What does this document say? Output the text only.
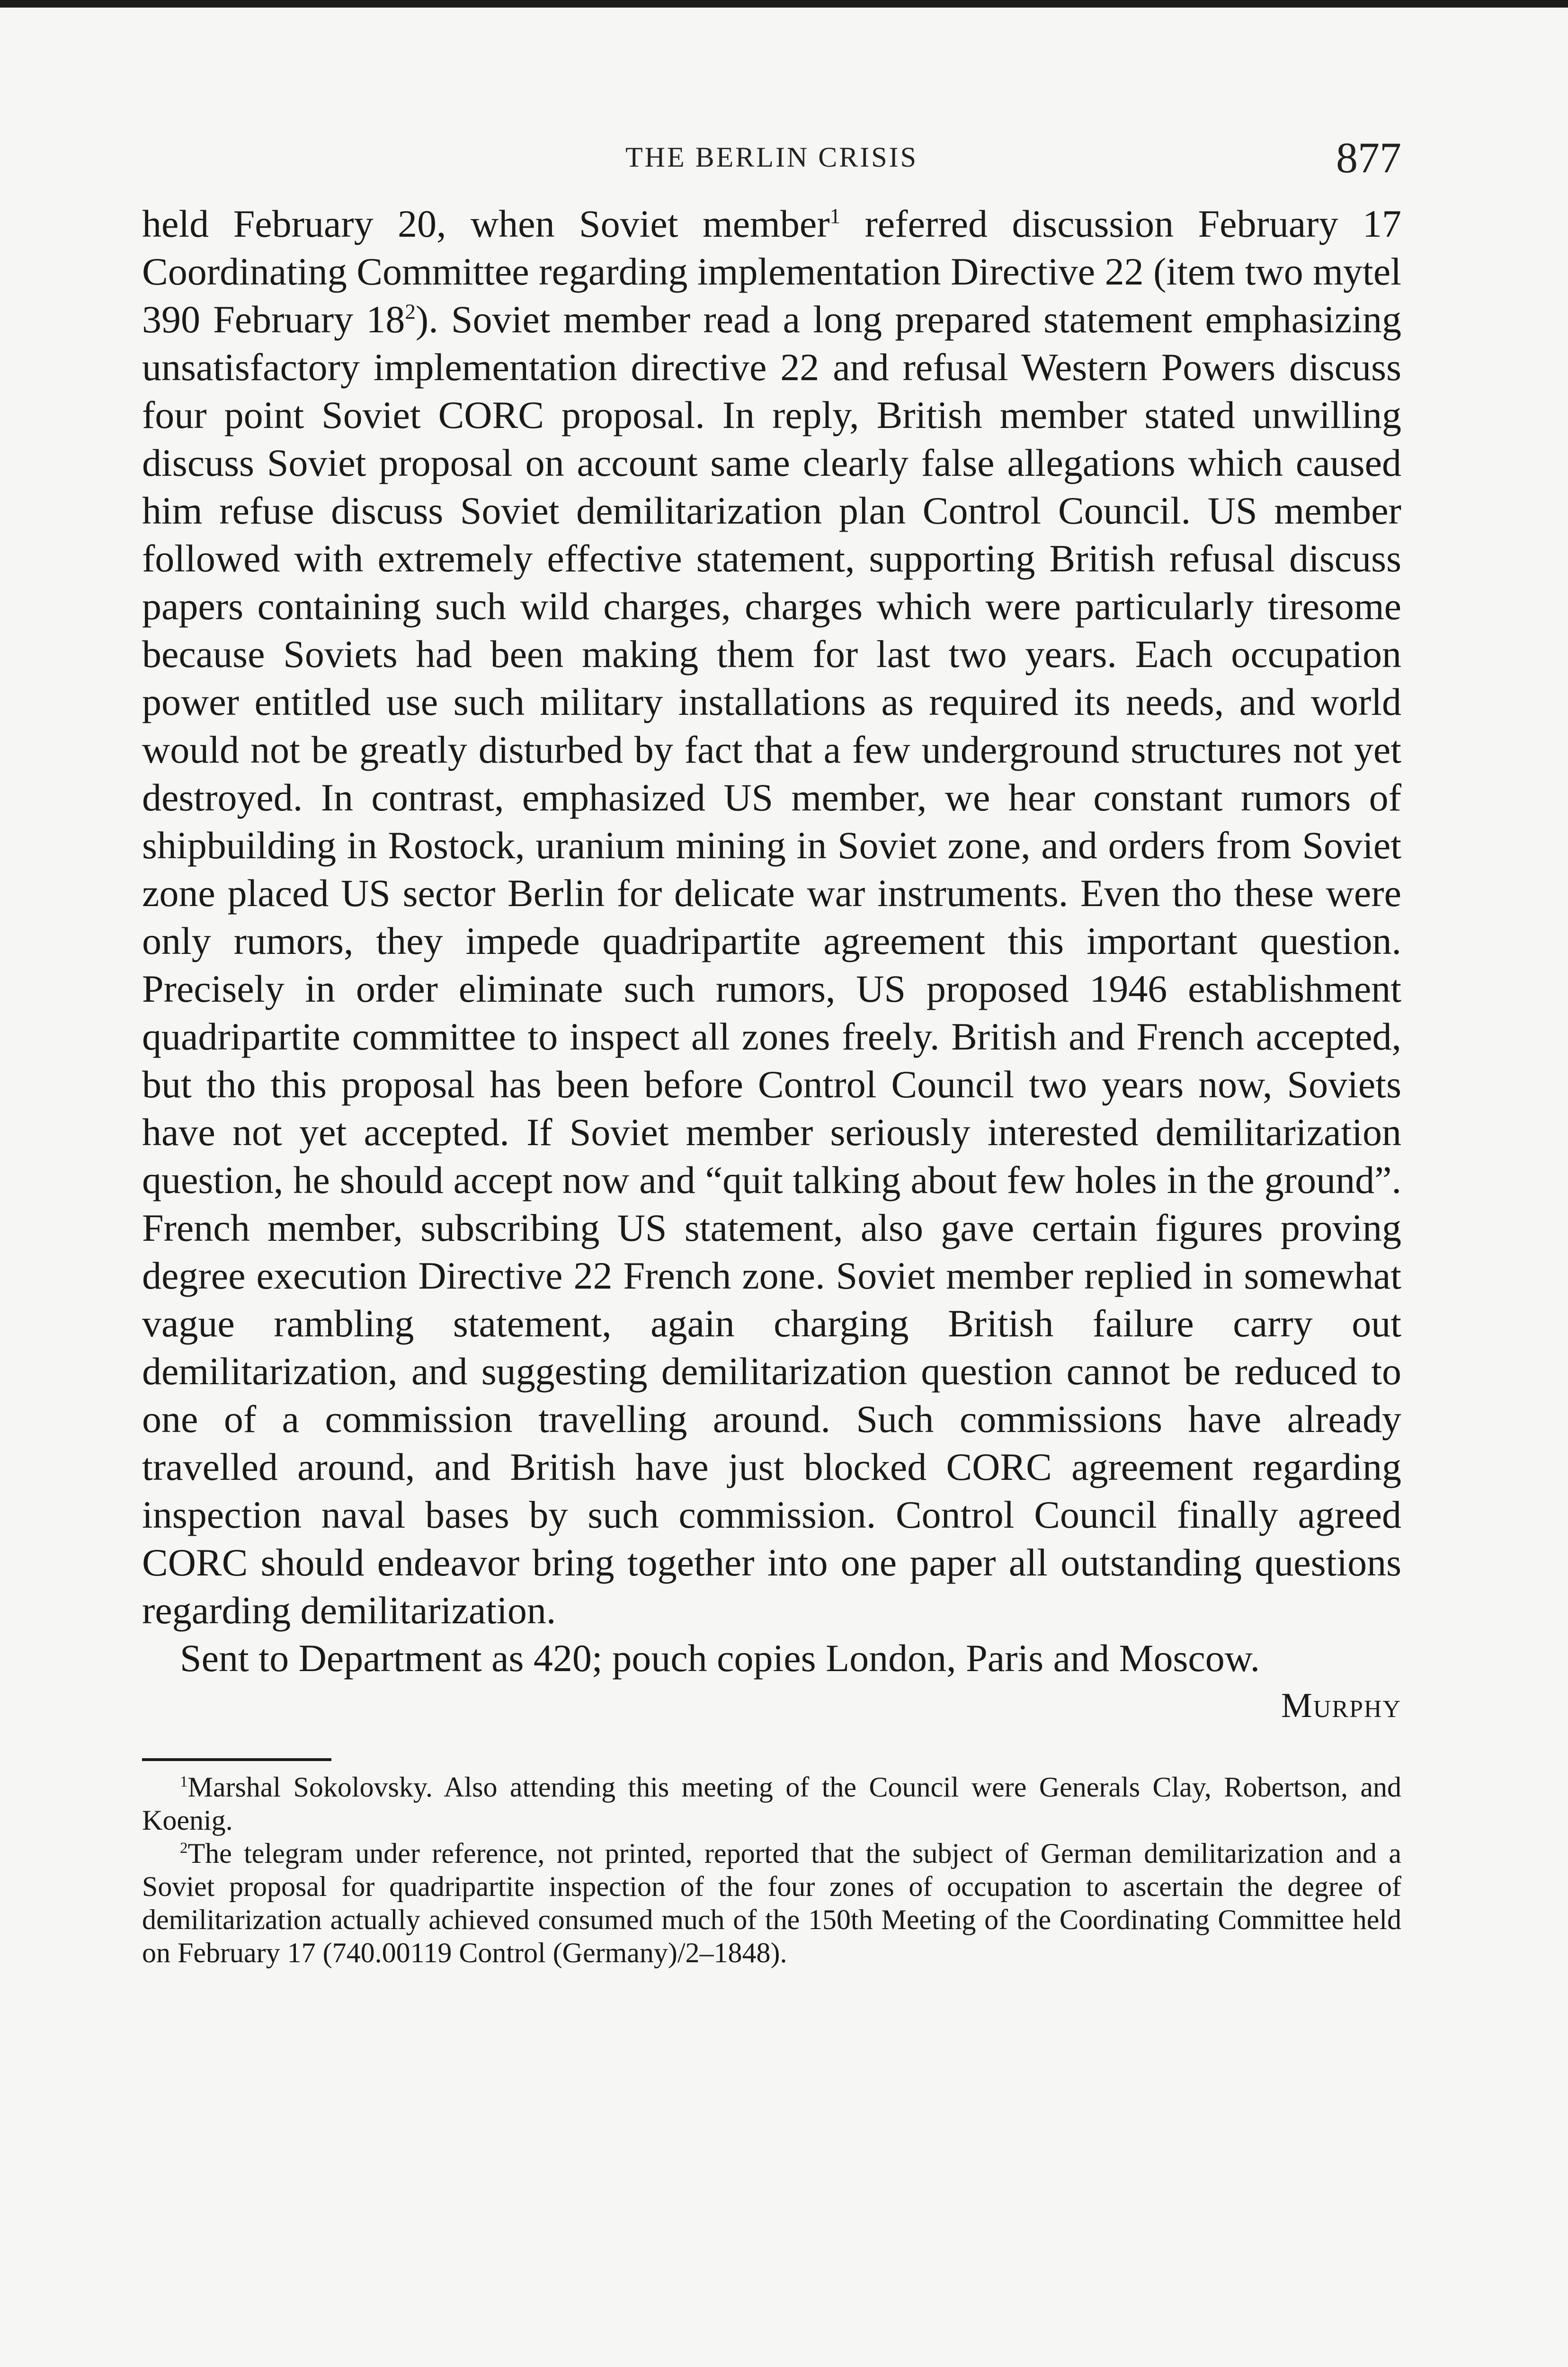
THE BERLIN CRISIS	877

held February 20, when Soviet member$^1$ referred discussion February 17 Coordinating Committee regarding implementation Directive 22 (item two mytel 390 February $18^2$). Soviet member read a long prepared statement emphasizing unsatisfactory implementation directive 22 and refusal Western Powers discuss four point Soviet CORC proposal. In reply, British member stated unwilling discuss Soviet proposal on account same clearly false allegations which caused him refuse discuss Soviet demilitarization plan Control Council. US member followed with extremely effective statement, supporting British refusal discuss papers containing such wild charges, charges which were particularly tiresome because Soviets had been making them for last two years. Each occupation power entitled use such military installations as required its needs, and world would not be greatly disturbed by fact that a few underground structures not yet destroyed. In contrast, emphasized US member, we hear constant rumors of shipbuilding in Rostock, uranium mining in Soviet zone, and orders from Soviet zone placed US sector Berlin for delicate war instruments. Even tho these were only rumors, they impede quadripartite agreement this important question. Precisely in order eliminate such rumors, US proposed 1946 establishment quadripartite committee to inspect all zones freely. British and French accepted, but tho this proposal has been before Control Council two years now, Soviets have not yet accepted. If Soviet member seriously interested demilitarization question, he should accept now and “quit talking about few holes in the ground”. French member, subscribing US statement, also gave certain figures proving degree execution Directive 22 French zone. Soviet member replied in somewhat vague rambling statement, again charging British failure carry out demilitarization, and suggesting demilitarization question cannot be reduced to one of a commission travelling around. Such commissions have already travelled around, and British have just blocked CORC agreement regarding inspection naval bases by such commission. Control Council finally agreed CORC should endeavor bring together into one paper all outstanding questions regarding demilitarization.

Sent to Department as 420; pouch copies London, Paris and Moscow.

Murphy

$^1$Marshal Sokolovsky. Also attending this meeting of the Council were Generals Clay, Robertson, and Koenig.

$^2$The telegram under reference, not printed, reported that the subject of German demilitarization and a Soviet proposal for quadripartite inspection of the four zones of occupation to ascertain the degree of demilitarization actually achieved consumed much of the 150th Meeting of the Coordinating Committee held on February 17 (740.00119 Control (Germany)/2–1848).
